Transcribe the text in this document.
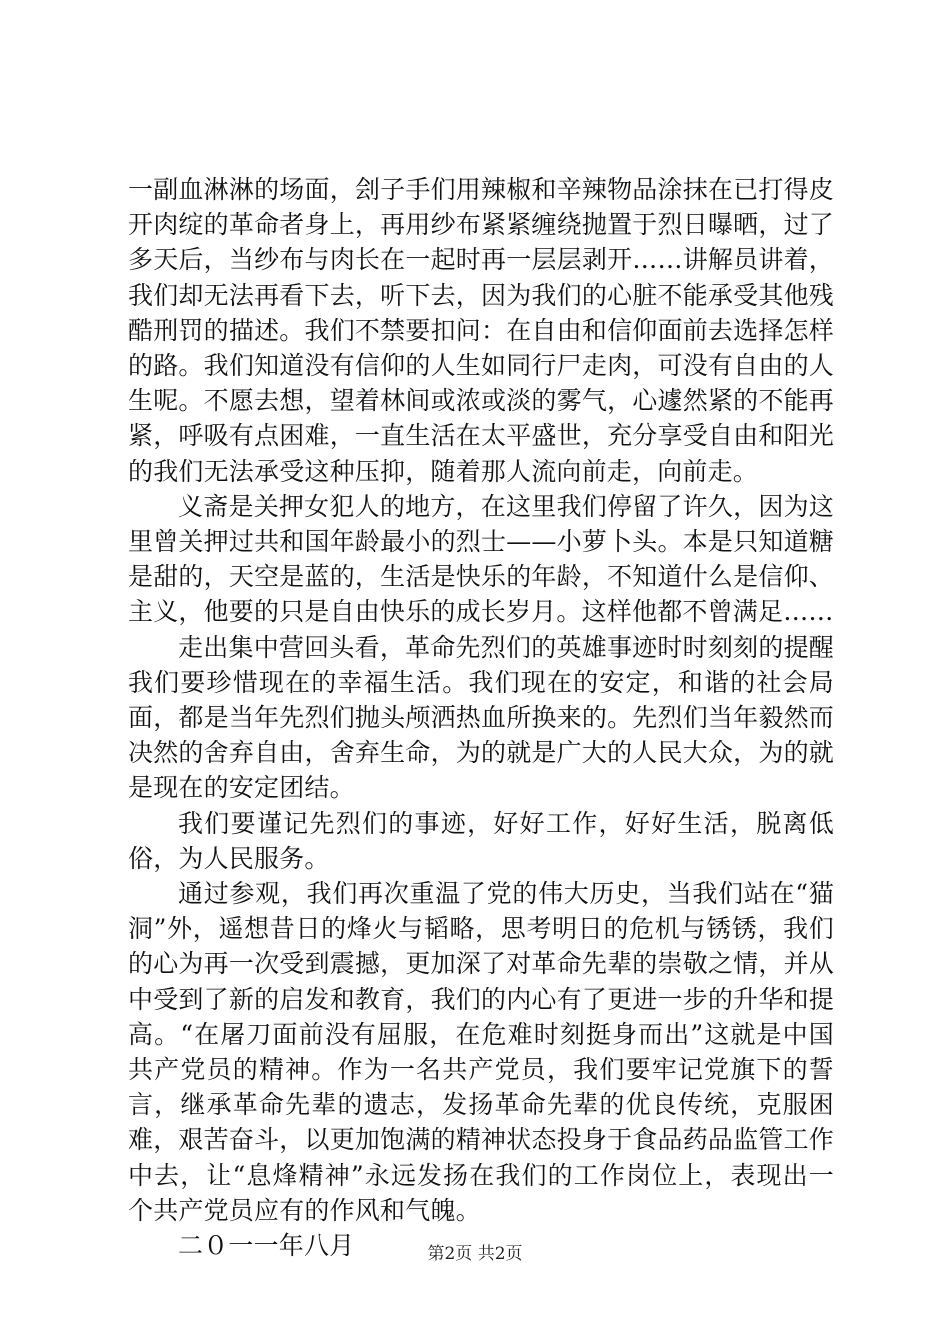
一副血淋淋的场面，刽子手们用辣椒和辛辣物品涂抹在已打得皮开肉绽的革命者身上，再用纱布紧紧缠绕抛置于烈日曝晒，过了多天后，当纱布与肉长在一起时再一层层剥开……讲解员讲着，我们却无法再看下去，听下去，因为我们的心脏不能承受其他残酷刑罚的描述。我们不禁要扣问：在自由和信仰面前去选择怎样的路。我们知道没有信仰的人生如同行尸走肉，可没有自由的人生呢。不愿去想，望着林间或浓或淡的雾气，心遽然紧的不能再紧，呼吸有点困难，一直生活在太平盛世，充分享受自由和阳光的我们无法承受这种压抑，随着那人流向前走，向前走。

义斋是关押女犯人的地方，在这里我们停留了许久，因为这里曾关押过共和国年龄最小的烈士——小萝卜头。本是只知道糖是甜的，天空是蓝的，生活是快乐的年龄，不知道什么是信仰、主义，他要的只是自由快乐的成长岁月。这样他都不曾满足……

走出集中营回头看，革命先烈们的英雄事迹时时刻刻的提醒我们要珍惜现在的幸福生活。我们现在的安定，和谐的社会局面，都是当年先烈们抛头颅洒热血所换来的。先烈们当年毅然而决然的舍弃自由，舍弃生命，为的就是广大的人民大众，为的就是现在的安定团结。

我们要谨记先烈们的事迹，好好工作，好好生活，脱离低俗，为人民服务。

通过参观，我们再次重温了党的伟大历史，当我们站在“猫洞”外，遥想昔日的烽火与韬略，思考明日的危机与锈锈，我们的心为再一次受到震撼，更加深了对革命先辈的崇敬之情，并从中受到了新的启发和教育，我们的内心有了更进一步的升华和提高。“在屠刀面前没有屈服，在危难时刻挺身而出”这就是中国共产党员的精神。作为一名共产党员，我们要牢记党旗下的誓言，继承革命先辈的遗志，发扬革命先辈的优良传统，克服困难，艰苦奋斗，以更加饱满的精神状态投身于食品药品监管工作中去，让“息烽精神”永远发扬在我们的工作岗位上，表现出一个共产党员应有的作风和气魄。

二０一一年八月	第2页 共2页
